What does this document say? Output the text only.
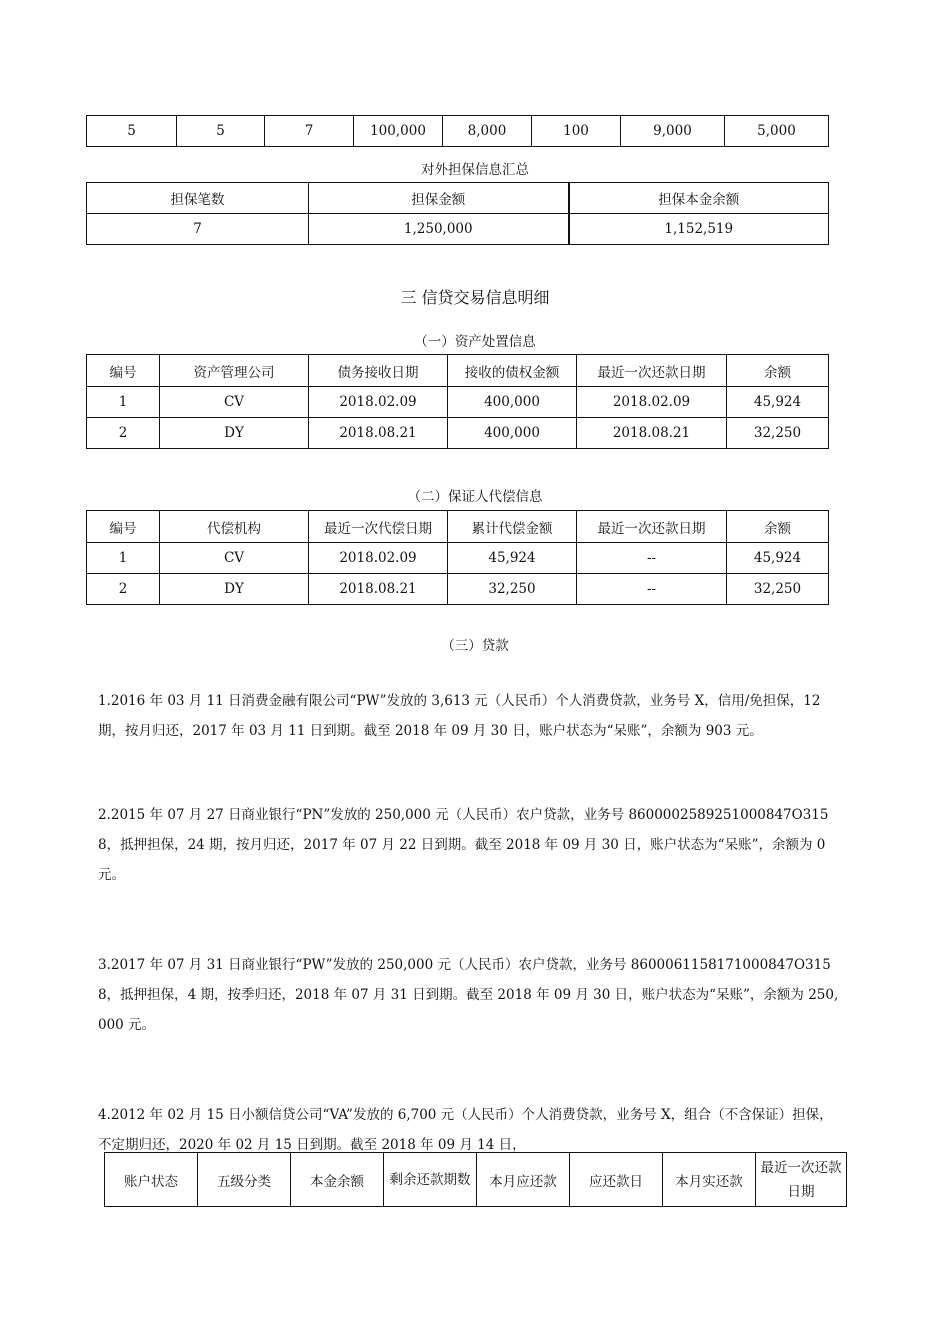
5	5	7	100,000	8,000	100	9,000	5,000
对外担保信息汇总
担保笔数	担保金额	担保本金余额
7	1,250,000	1,152,519
三 信贷交易信息明细
（一）资产处置信息
编号	资产管理公司	债务接收日期	接收的债权金额	最近一次还款日期	余额
1	CV	2018.02.09	400,000	2018.02.09	45,924
2	DY	2018.08.21	400,000	2018.08.21	32,250
（二）保证人代偿信息
编号	代偿机构	最近一次代偿日期	累计代偿金额	最近一次还款日期	余额
1	CV	2018.02.09	45,924	--	45,924
2	DY	2018.08.21	32,250	--	32,250
（三）贷款
1.2016 年 03 月 11 日消费金融有限公司“PW”发放的 3,613 元（人民币）个人消费贷款，业务号 X，信用/免担保，12 期，按月归还，2017 年 03 月 11 日到期。截至 2018 年 09 月 30 日，账户状态为“呆账”，余额为 903 元。
2.2015 年 07 月 27 日商业银行“PN”发放的 250,000 元（人民币）农户贷款，业务号 8600002589251000847O3158，抵押担保，24 期，按月归还，2017 年 07 月 22 日到期。截至 2018 年 09 月 30 日，账户状态为“呆账”，余额为 0 元。
3.2017 年 07 月 31 日商业银行“PW”发放的 250,000 元（人民币）农户贷款，业务号 8600061158171000847O3158，抵押担保，4 期，按季归还，2018 年 07 月 31 日到期。截至 2018 年 09 月 30 日，账户状态为“呆账”，余额为 250,000 元。
4.2012 年 02 月 15 日小额信贷公司“VA”发放的 6,700 元（人民币）个人消费贷款，业务号 X，组合（不含保证）担保，不定期归还，2020 年 02 月 15 日到期。截至 2018 年 09 月 14 日，
账户状态	五级分类	本金余额	剩余还款期数	本月应还款	应还款日	本月实还款	最近一次还款日期
